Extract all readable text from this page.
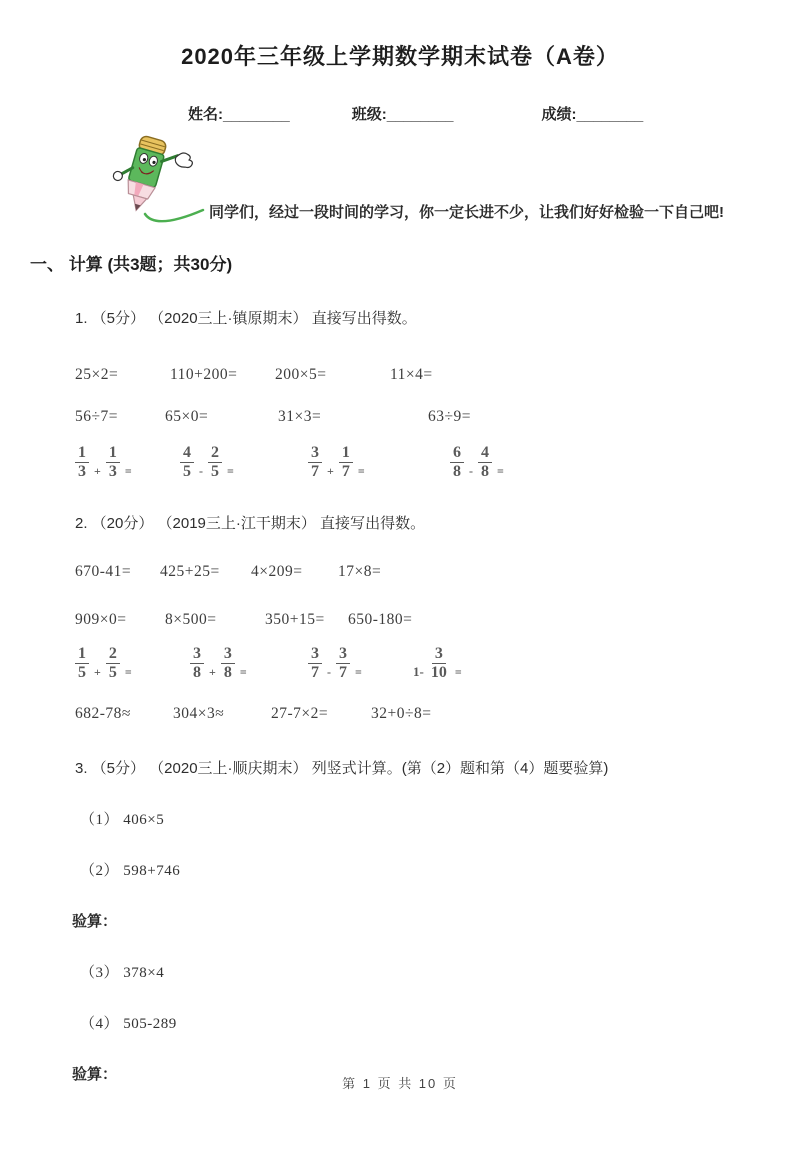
2020年三年级上学期数学期末试卷（A卷）
姓名: ________	班级: ________	成绩: ________
同学们，经过一段时间的学习，你一定长进不少，让我们好好检验一下自己吧!
一、 计算 (共3题；共30分)
1. （5分） （2020三上·镇原期末） 直接写出得数。
25×2=	110+200=	200×5=	11×4=
56÷7=	65×0=	31×3=	63÷9=
$\frac{1}{3} + \frac{1}{3}$ =	$\frac{4}{5} - \frac{2}{5}$ =	$\frac{3}{7} + \frac{1}{7}$ =	$\frac{6}{8} - \frac{4}{8}$ =
2. （20分） （2019三上·江干期末） 直接写出得数。
670-41=	425+25=	4×209=	17×8=
909×0=	8×500=	350+15=	650-180=
$\frac{1}{5} + \frac{2}{5}$ =	$\frac{3}{8} + \frac{3}{8}$ =	$\frac{3}{7} - \frac{3}{7}$ =	$1- \frac{3}{10}$ =
682-78≈	304×3≈	27-7×2=	32+0÷8=
3. （5分） （2020三上·顺庆期末） 列竖式计算。(第（2）题和第（4）题要验算)
（1） 406×5
（2） 598+746
验算：
（3） 378×4
（4） 505-289
验算：
第 1 页 共 10 页
